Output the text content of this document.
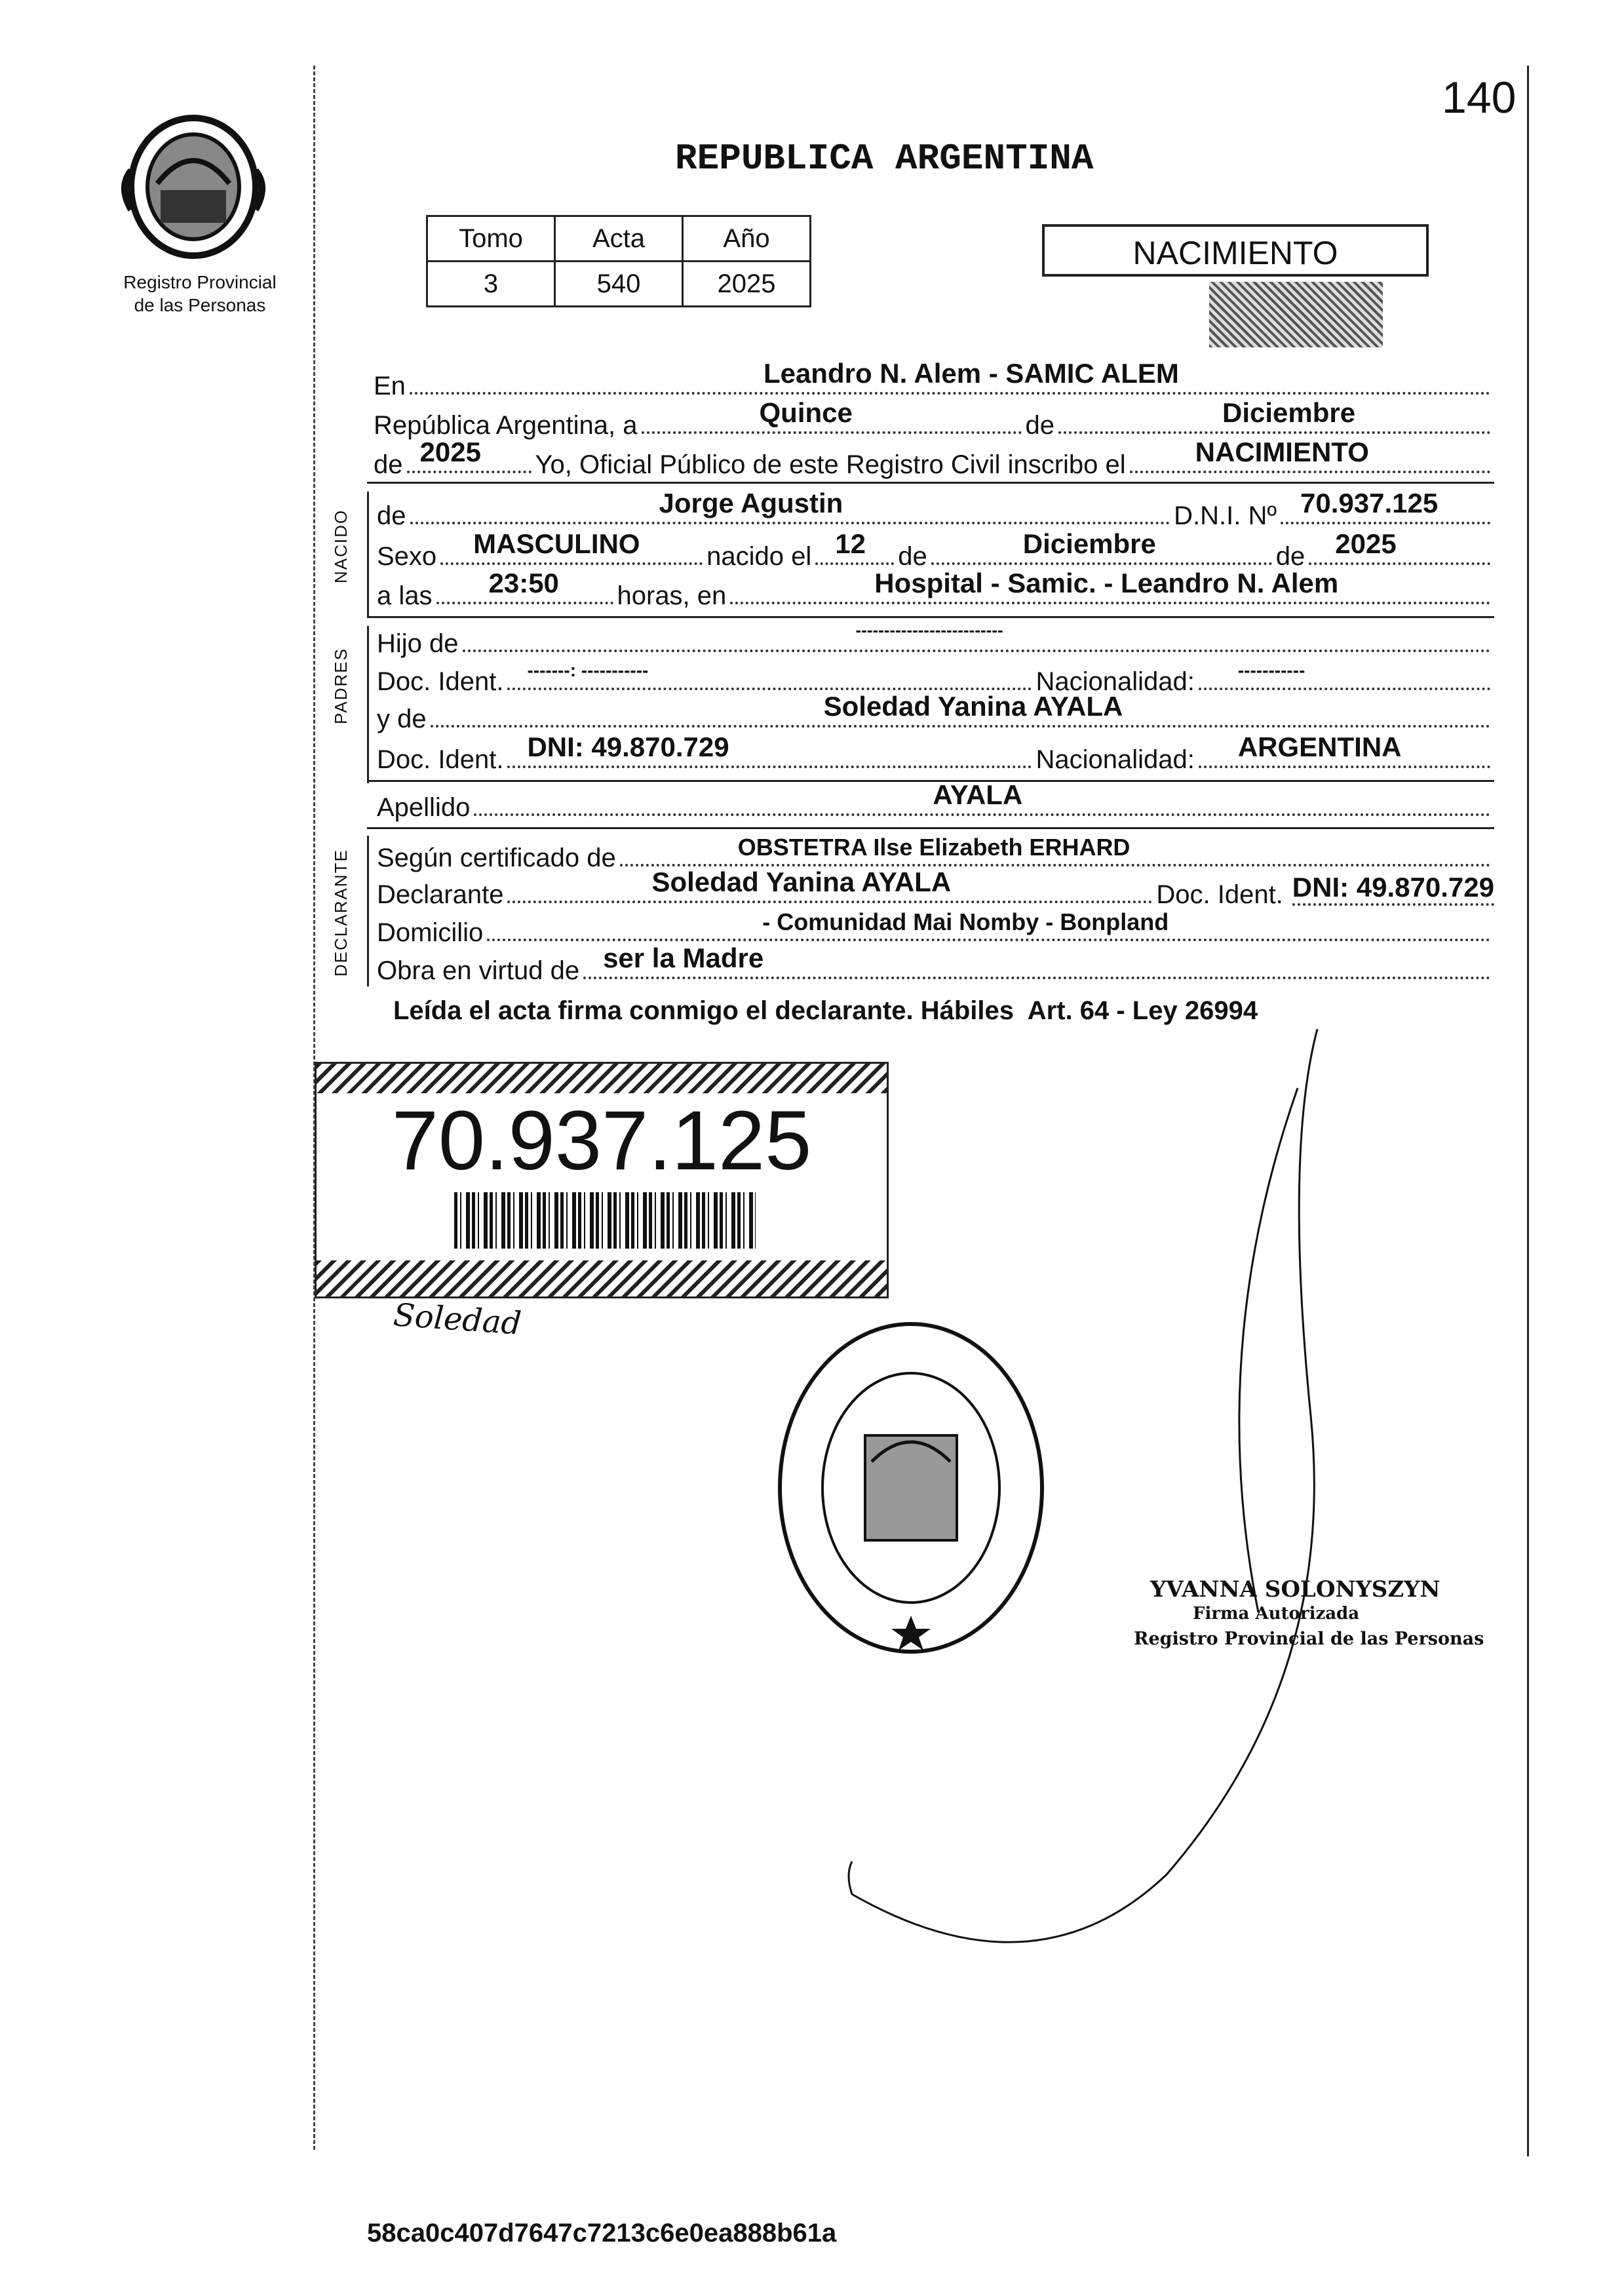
140
Registro Provincial
de las Personas
REPUBLICA ARGENTINA
Tomo	Acta	Año
3	540	2025
NACIMIENTO
En	Leandro N. Alem - SAMIC ALEM
República Argentina, a	Quince	de	Diciembre
de 2025 Yo, Oficial Público de este Registro Civil inscribo el	NACIMIENTO
NACIDO de	Jorge Agustin	D.N.I. Nº 70.937.125
Sexo MASCULINO	nacido el 12 de	Diciembre	de 2025
a las 23:50 horas, en	Hospital - Samic. - Leandro N. Alem
PADRES
Hijo de	--------------------------
Doc. Ident. -------: -----------	Nacionalidad: -----------
y de	Soledad Yanina AYALA
Doc. Ident. DNI: 49.870.729	Nacionalidad: ARGENTINA
Apellido	AYALA
DECLARANTE Según certificado de	OBSTETRA Ilse Elizabeth ERHARD
Declarante	Soledad Yanina AYALA	Doc. Ident. DNI: 49.870.729
Domicilio	- Comunidad Mai Nomby - Bonpland
Obra en virtud de ser la Madre
Leída el acta firma conmigo el declarante. Hábiles  Art. 64 - Ley 26994
70.937.125
Soledad
YVANNA SOLONYSZYN
Firma Autorizada
Registro Provincial de las Personas
58ca0c407d7647c7213c6e0ea888b61a
